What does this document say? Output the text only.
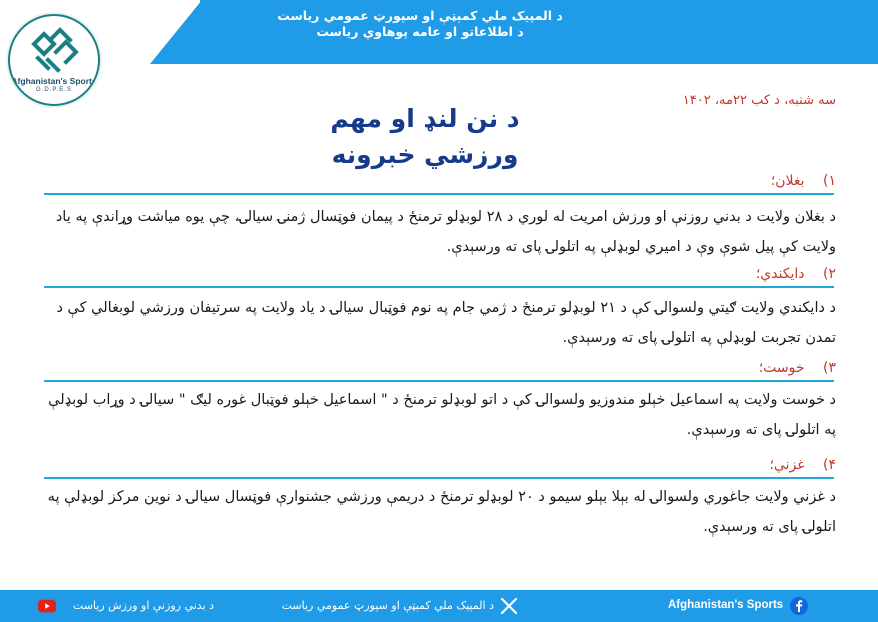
د المپیک ملي کمېټې او سپورټ عمومي رياست
د اطلاعاتو او عامه پوهاوي رياست
Afghanistan's Sports
G.D.P.E.S
سه شنبه، د کب ۲۲مه، ۱۴۰۲
د نن لنډ او مهم
ورزشي خبرونه
۱) بغلان؛
د بغلان ولايت د بدني روزنې او ورزش امريت له لوري د ۲۸ لوبډلو ترمنځ د پيمان فوټسال ژمنۍ سيالۍ، چې يوه مياشت وړاندې په ياد ولايت کې پيل شوې وې د اميري لوبډلې په اتلولۍ پای ته ورسېدې.
۲) دايکندي؛
د دايکندي ولايت ګيتي ولسوالۍ کې د ۲۱ لوبډلو ترمنځ د ژمي جام په نوم فوټبال سيالۍ د ياد ولايت په سرتيفان ورزشي لوبغالي کې د تمدن تجربت لوبډلې په اتلولۍ پای ته ورسېدې.
۳) خوست؛
د خوست ولايت په اسماعيل خېلو مندوزيو ولسوالۍ کې د اتو لوبډلو ترمنځ د " اسماعيل خېلو فوټبال غوره ليګ " سيالۍ د وړاب لوبډلې په اتلولۍ پای ته ورسېدې.
۴) غزني؛
د غزني ولايت جاغوري ولسوالۍ له بېلا بېلو سيمو د ۲۰ لوبډلو ترمنځ د دريمې ورزشي جشنوارې فوټسال سيالۍ د نوين مرکز لوبډلې په اتلولۍ پای ته ورسېدې.
د بدني روزنې او ورزش رياست	د المپیک ملي کمېټې او سپورټ عمومي رياست	Afghanistan's Sports
